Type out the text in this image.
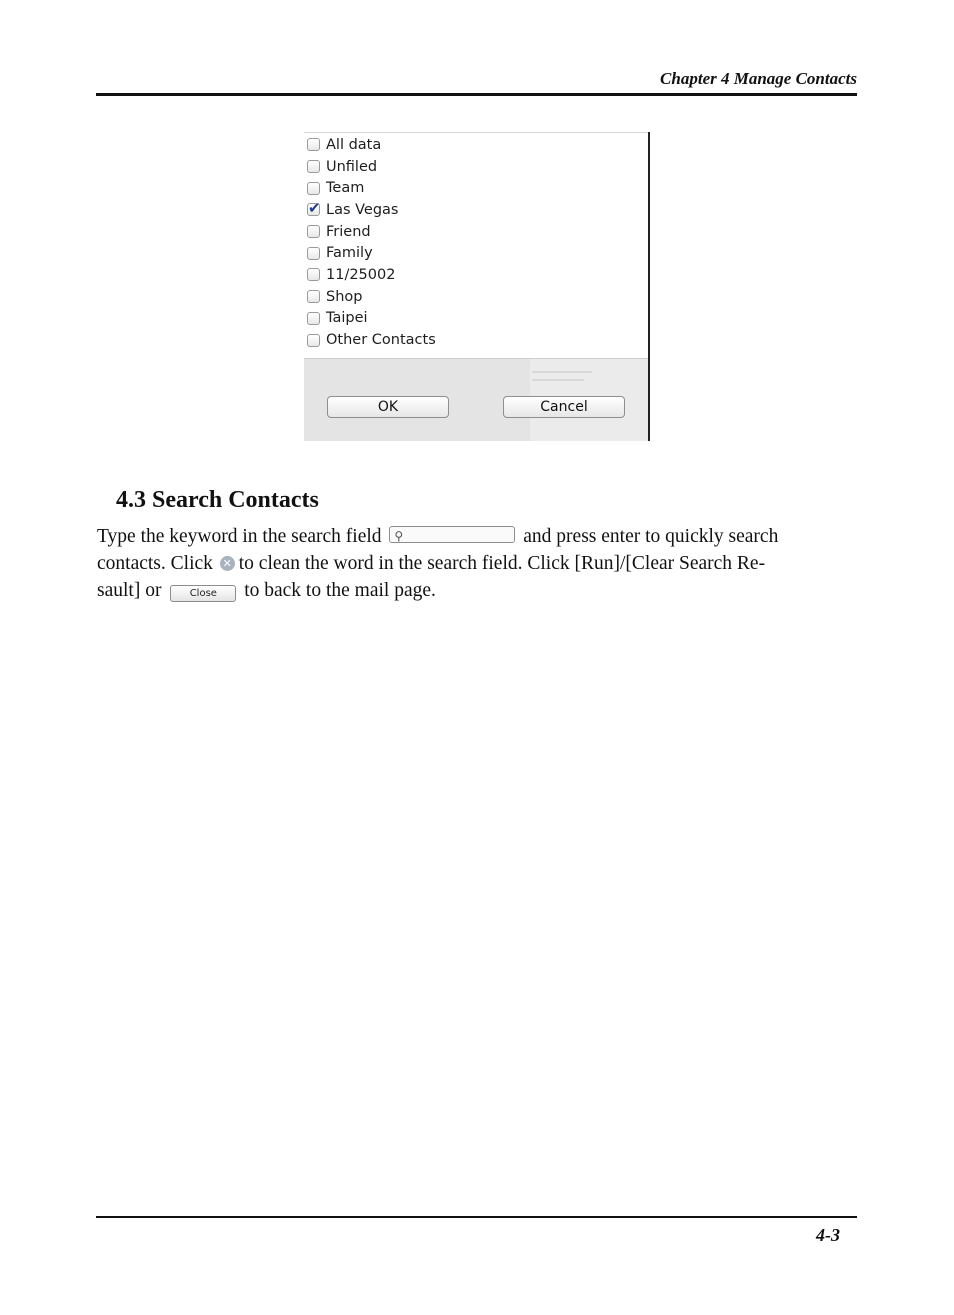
Chapter 4 Manage Contacts
All data
Unfiled
Team
✔
Las Vegas
Friend
Family
11/25002
Shop
Taipei
Other Contacts
OK	Cancel
4.3 Search Contacts
Type the keyword in the search field ⚲	and press enter to quickly search
contacts. Click ✕ to clean the word in the search field. Click [Run]/[Clear Search Re-
sault] or	Close to back to the mail page.
4-3
